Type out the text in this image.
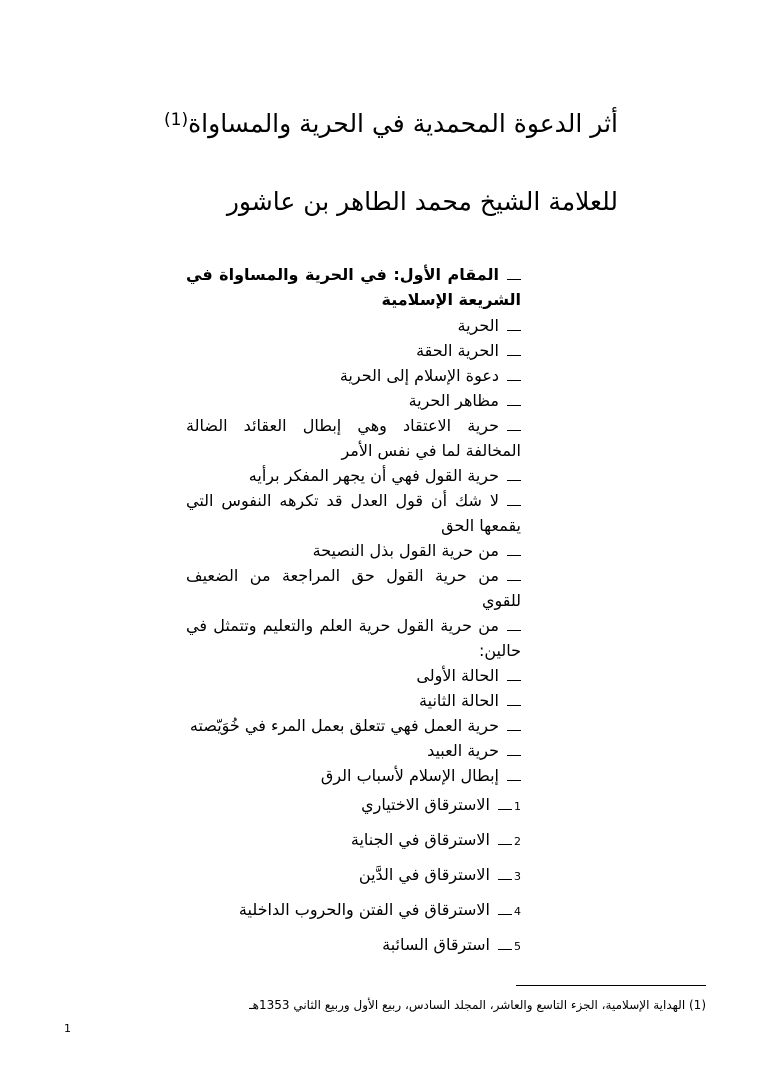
أثر الدعوة المحمدية في الحرية والمساواة$^{(1)}$
للعلامة الشيخ محمد الطاهر بن عاشور
المقام الأول: في الحرية والمساواة في الشريعة الإسلامية
الحرية
الحرية الحقة
دعوة الإسلام إلى الحرية
مظاهر الحرية
حرية الاعتقاد وهي إبطال العقائد الضالة المخالفة لما في نفس الأمر
حرية القول فهي أن يجهر المفكر برأيه
لا شك أن قول العدل قد تكرهه النفوس التي يقمعها الحق
من حرية القول بذل النصيحة
من حرية القول حق المراجعة من الضعيف للقوي
من حرية القول حرية العلم والتعليم وتتمثل في حالين:
الحالة الأولى
الحالة الثانية
حرية العمل فهي تتعلق بعمل المرء في خُوَيّصته
حرية العبيد
إبطال الإسلام لأسباب الرق
1الاسترقاق الاختياري
2الاسترقاق في الجناية
3الاسترقاق في الدَّين
4الاسترقاق في الفتن والحروب الداخلية
5استرقاق السائبة
(1) الهداية الإسلامية، الجزء التاسع والعاشر، المجلد السادس، ربيع الأول وربيع الثاني 1353هـ
1
